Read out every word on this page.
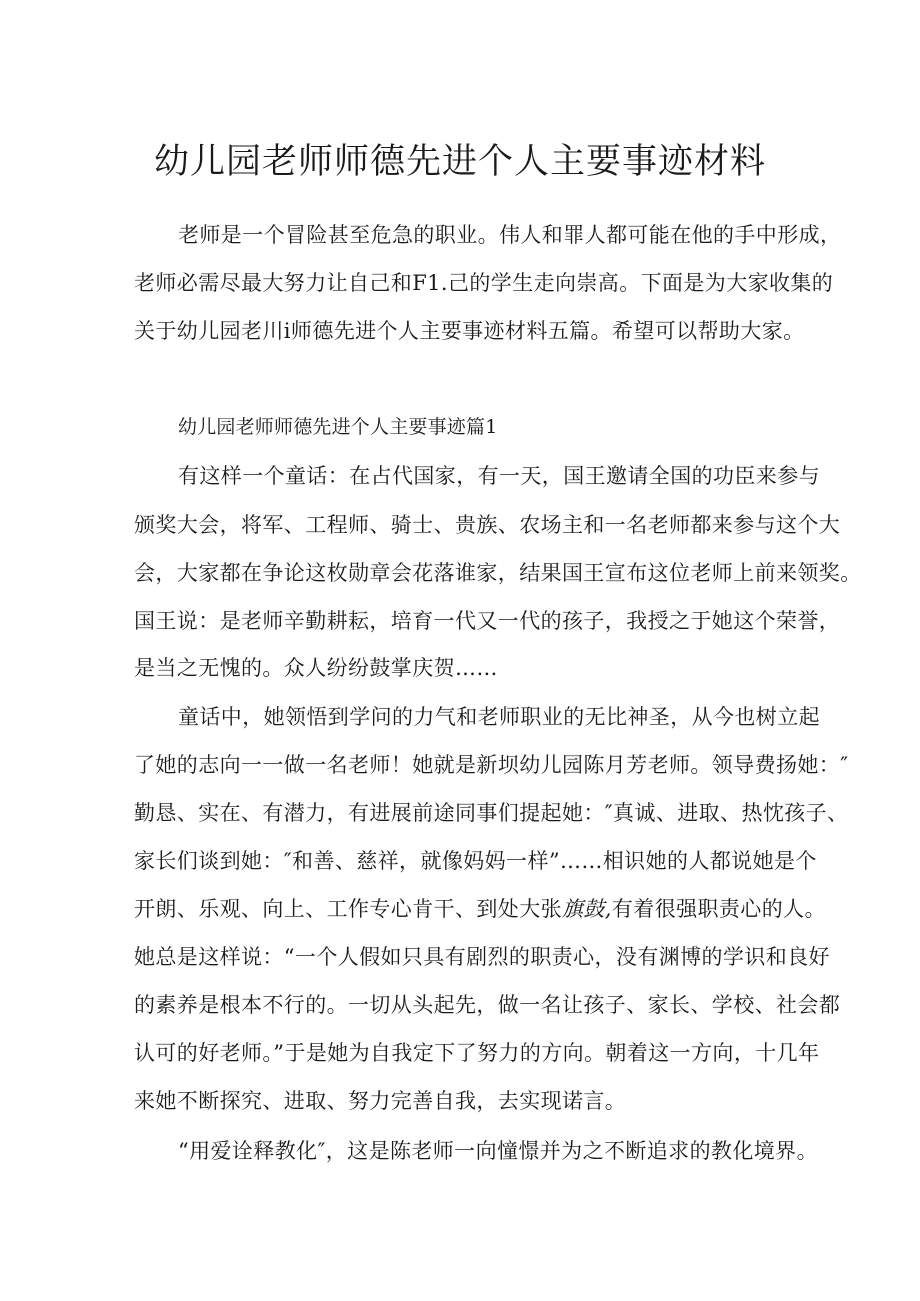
幼儿园老师师德先进个人主要事迹材料

老师是一个冒险甚至危急的职业。伟人和罪人都可能在他的手中形成，

老师必需尽最大努力让自己和F1.己的学生走向崇高。下面是为大家收集的

关于幼儿园老川i师德先进个人主要事迹材料五篇。希望可以帮助大家。

幼儿园老师师德先进个人主要事迹篇1

有这样一个童话：在占代国家，有一天，国王邀请全国的功臣来参与

颁奖大会，将军、工程师、骑士、贵族、农场主和一名老师都来参与这个大

会，大家都在争论这枚勋章会花落谁家，结果国王宣布这位老师上前来领奖。

国王说：是老师辛勤耕耘，培育一代又一代的孩子，我授之于她这个荣誉，

是当之无愧的。众人纷纷鼓掌庆贺……

童话中，她领悟到学问的力气和老师职业的无比神圣，从今也树立起

了她的志向一一做一名老师！她就是新坝幼儿园陈月芳老师。领导费扬她：″

勤恳、实在、有潜力，有进展前途同事们提起她：″真诚、进取、热忱孩子、

家长们谈到她：″和善、慈祥，就像妈妈一样”……相识她的人都说她是个

开朗、乐观、向上、工作专心肯干、到处大张旗鼓,有着很强职责心的人。

她总是这样说：“一个人假如只具有剧烈的职责心，没有渊博的学识和良好

的素养是根本不行的。一切从头起先，做一名让孩子、家长、学校、社会都

认可的好老师。”于是她为自我定下了努力的方向。朝着这一方向，十几年

来她不断探究、进取、努力完善自我，去实现诺言。

“用爱诠释教化″，这是陈老师一向憧憬并为之不断追求的教化境界。
